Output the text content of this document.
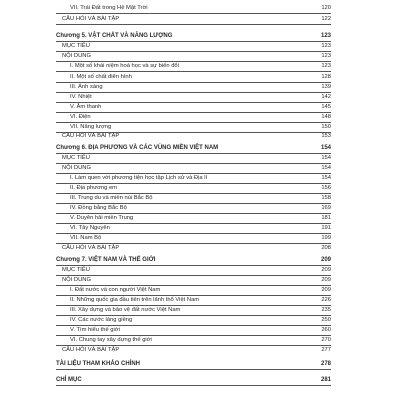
VII. Trái Đất trong Hệ Mặt Trời	120
CÂU HỎI VÀ BÀI TẬP	122
Chương 5. VẬT CHẤT VÀ NĂNG LƯỢNG	123
MỤC TIÊU	123
NỘI DUNG	123
I. Một số khái niệm hoá học và sự biến đổi	123
II. Một số chất điển hình	128
III. Ánh sáng	139
IV. Nhiệt	142
V. Âm thanh	145
VI. Điện	148
VII. Năng lượng	150
CÂU HỎI VÀ BÀI TẬP	153
Chương 6. ĐỊA PHƯƠNG VÀ CÁC VÙNG MIỀN VIỆT NAM	154
MỤC TIÊU	154
NỘI DUNG	154
I. Làm quen với phương tiện học tập Lịch sử và Địa lí	154
II. Địa phương em	156
III. Trung du và miền núi Bắc Bộ	158
IV. Đồng bằng Bắc Bộ	169
V. Duyên hải miền Trung	181
VI. Tây Nguyên	191
VII. Nam Bộ	199
CÂU HỎI VÀ BÀI TẬP	208
Chương 7. VIỆT NAM VÀ THẾ GIỚI	209
MỤC TIÊU	209
NỘI DUNG	209
I. Đất nước và con người Việt Nam	209
II. Những quốc gia đầu tiên trên lãnh thổ Việt Nam	226
III. Xây dựng và bảo vệ đất nước Việt Nam	235
IV. Các nước láng giềng	250
V. Tìm hiểu thế giới	260
VI. Chung tay xây dựng thế giới	270
CÂU HỎI VÀ BÀI TẬP	277
TÀI LIỆU THAM KHẢO CHÍNH	278
CHỈ MỤC	281
